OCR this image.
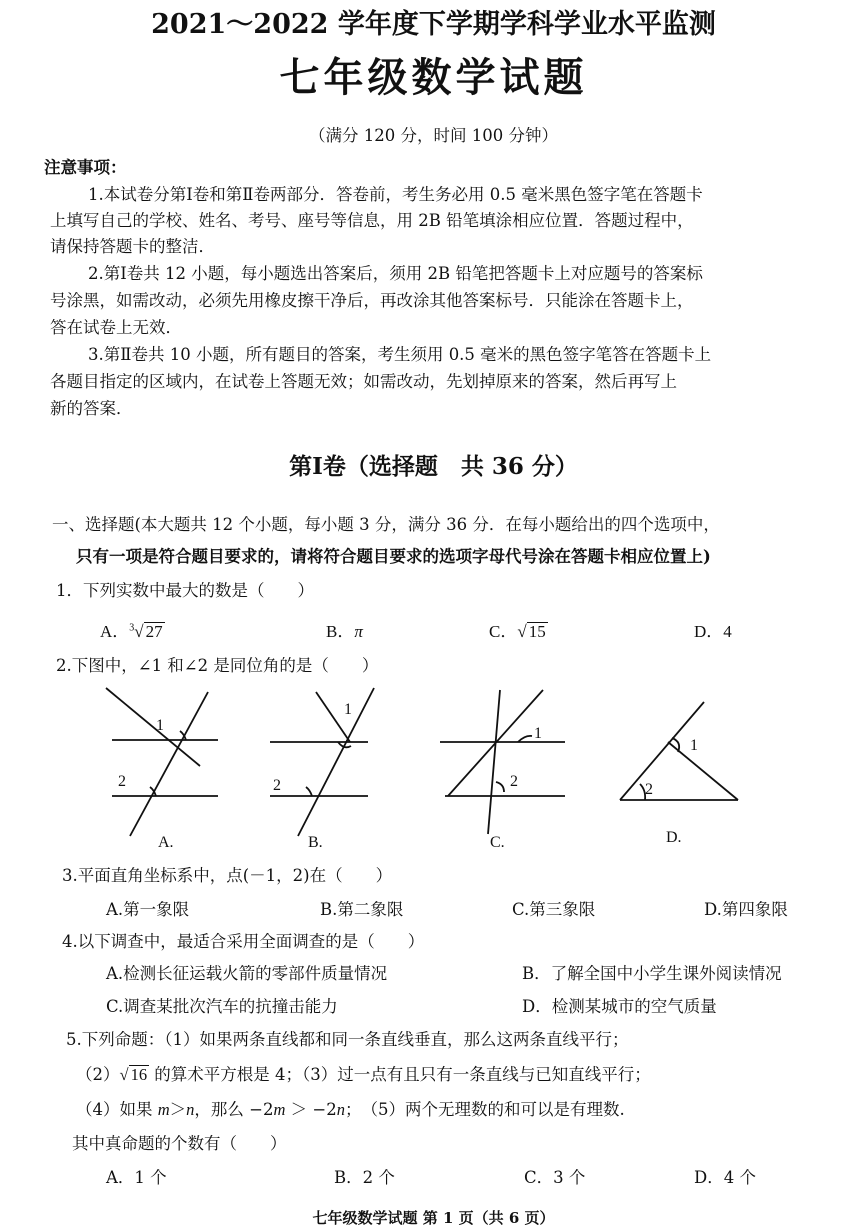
2021～2022 学年度下学期学科学业水平监测
七年级数学试题
（满分 120 分，时间 100 分钟）
注意事项：
1.本试卷分第Ⅰ卷和第Ⅱ卷两部分．答卷前，考生务必用 0.5 毫米黑色签字笔在答题卡
上填写自己的学校、姓名、考号、座号等信息，用 2B 铅笔填涂相应位置．答题过程中，
请保持答题卡的整洁．
2.第Ⅰ卷共 12 小题，每小题选出答案后，须用 2B 铅笔把答题卡上对应题号的答案标
号涂黑，如需改动，必须先用橡皮擦干净后，再改涂其他答案标号．只能涂在答题卡上，
答在试卷上无效．
3.第Ⅱ卷共 10 小题，所有题目的答案，考生须用 0.5 毫米的黑色签字笔答在答题卡上
各题目指定的区域内，在试卷上答题无效；如需改动，先划掉原来的答案，然后再写上
新的答案．
第Ⅰ卷（选择题　共 36 分）
一、选择题(本大题共 12 个小题，每小题 3 分，满分 36 分．在每小题给出的四个选项中，
只有一项是符合题目要求的，请将符合题目要求的选项字母代号涂在答题卡相应位置上)
1．下列实数中最大的数是（　　）
A．$^3$√ 27	B．π	C．√ 15	D．4
2.下图中，∠1 和∠2 是同位角的是（　　）
1
2
1
2
1
2
1
2
A.	B.	C.	D.
3.平面直角坐标系中，点(－1，2)在（　　）
A.第一象限	B.第二象限	C.第三象限	D.第四象限
4.以下调查中，最适合采用全面调查的是（　　）
A.检测长征运载火箭的零部件质量情况	B．了解全国中小学生课外阅读情况
C.调查某批次汽车的抗撞击能力	D．检测某城市的空气质量
5.下列命题：（1）如果两条直线都和同一条直线垂直，那么这两条直线平行；
（2）√ 16 的算术平方根是 4；（3）过一点有且只有一条直线与已知直线平行；
（4）如果 m＞n，那么 −2m ＞ −2n；　（5）两个无理数的和可以是有理数.
其中真命题的个数有（　　）
A．1 个	B．2 个	C．3 个	D．4 个
七年级数学试题 第 1 页（共 6 页）
